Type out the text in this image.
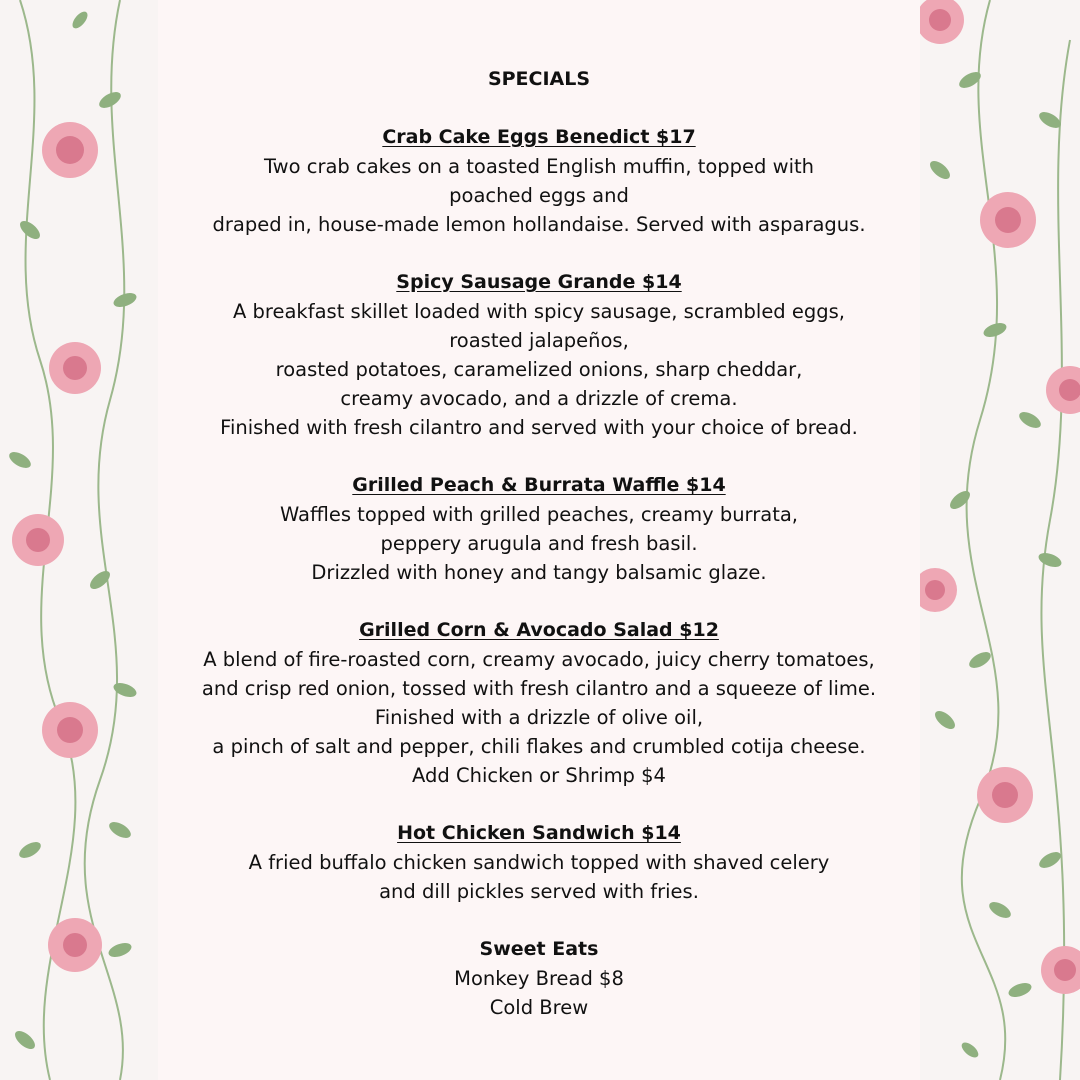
SPECIALS
Crab Cake Eggs Benedict $17
Two crab cakes on a toasted English muffin, topped with
poached eggs and
draped in, house-made lemon hollandaise. Served with asparagus.
Spicy Sausage Grande $14
A breakfast skillet loaded with spicy sausage, scrambled eggs,
roasted jalapeños,
roasted potatoes, caramelized onions, sharp cheddar,
creamy avocado, and a drizzle of crema.
Finished with fresh cilantro and served with your choice of bread.
Grilled Peach & Burrata Waffle $14
Waffles topped with grilled peaches, creamy burrata,
peppery arugula and fresh basil.
Drizzled with honey and tangy balsamic glaze.
Grilled Corn & Avocado Salad $12
A blend of fire-roasted corn, creamy avocado, juicy cherry tomatoes,
and crisp red onion, tossed with fresh cilantro and a squeeze of lime.
Finished with a drizzle of olive oil,
a pinch of salt and pepper, chili flakes and crumbled cotija cheese.
Add Chicken or Shrimp $4
Hot Chicken Sandwich $14
A fried buffalo chicken sandwich topped with shaved celery
and dill pickles served with fries.
Sweet Eats
Monkey Bread $8
Cold Brew
